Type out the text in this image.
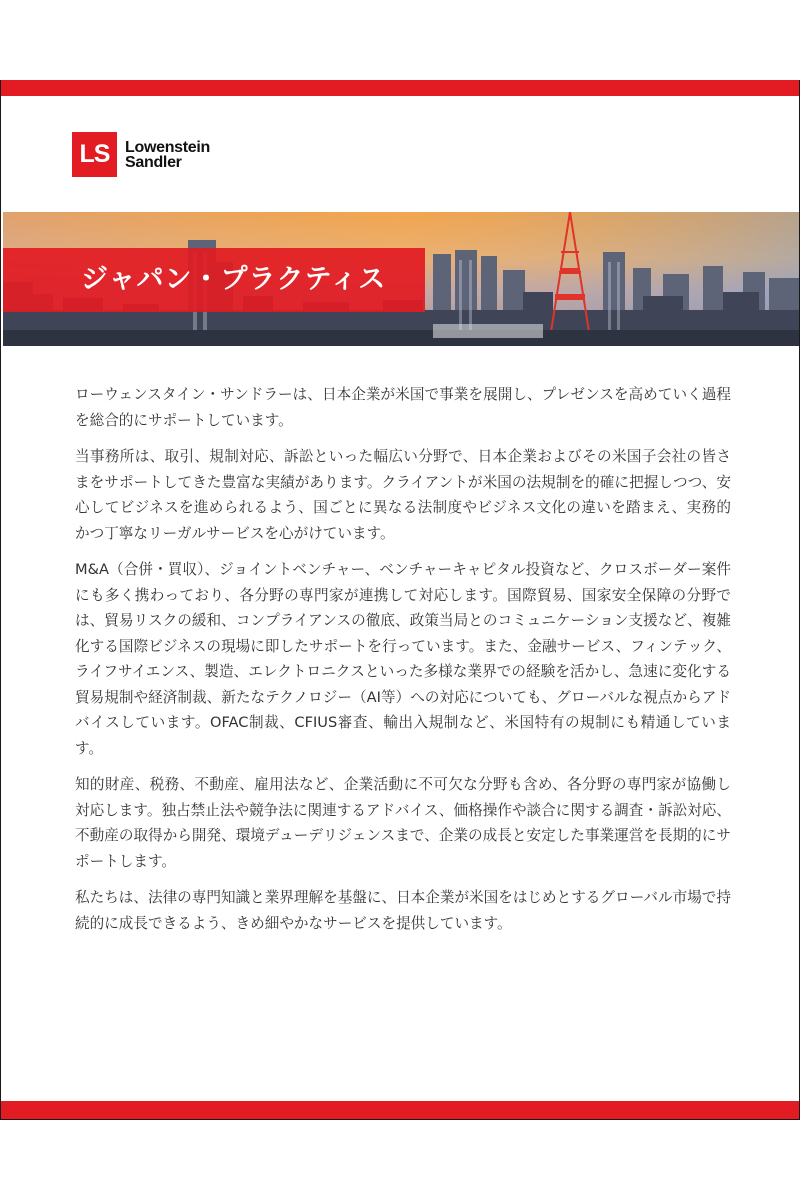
LS Lowenstein
Sandler
ジャパン・プラクティス

ローウェンスタイン・サンドラーは、日本企業が米国で事業を展開し、プレゼンスを高めていく過程を総合的にサポートしています。

当事務所は、取引、規制対応、訴訟といった幅広い分野で、日本企業およびその米国子会社の皆さまをサポートしてきた豊富な実績があります。クライアントが米国の法規制を的確に把握しつつ、安心してビジネスを進められるよう、国ごとに異なる法制度やビジネス文化の違いを踏まえ、実務的かつ丁寧なリーガルサービスを心がけています。

M&A（合併・買収）、ジョイントベンチャー、ベンチャーキャピタル投資など、クロスボーダー案件にも多く携わっており、各分野の専門家が連携して対応します。国際貿易、国家安全保障の分野では、貿易リスクの緩和、コンプライアンスの徹底、政策当局とのコミュニケーション支援など、複雑化する国際ビジネスの現場に即したサポートを行っています。また、金融サービス、フィンテック、ライフサイエンス、製造、エレクトロニクスといった多様な業界での経験を活かし、急速に変化する貿易規制や経済制裁、新たなテクノロジー（AI等）への対応についても、グローバルな視点からアドバイスしています。OFAC制裁、CFIUS審査、輸出入規制など、米国特有の規制にも精通しています。

知的財産、税務、不動産、雇用法など、企業活動に不可欠な分野も含め、各分野の専門家が協働し対応します。独占禁止法や競争法に関連するアドバイス、価格操作や談合に関する調査・訴訟対応、不動産の取得から開発、環境デューデリジェンスまで、企業の成長と安定した事業運営を長期的にサポートします。

私たちは、法律の専門知識と業界理解を基盤に、日本企業が米国をはじめとするグローバル市場で持続的に成長できるよう、きめ細やかなサービスを提供しています。
